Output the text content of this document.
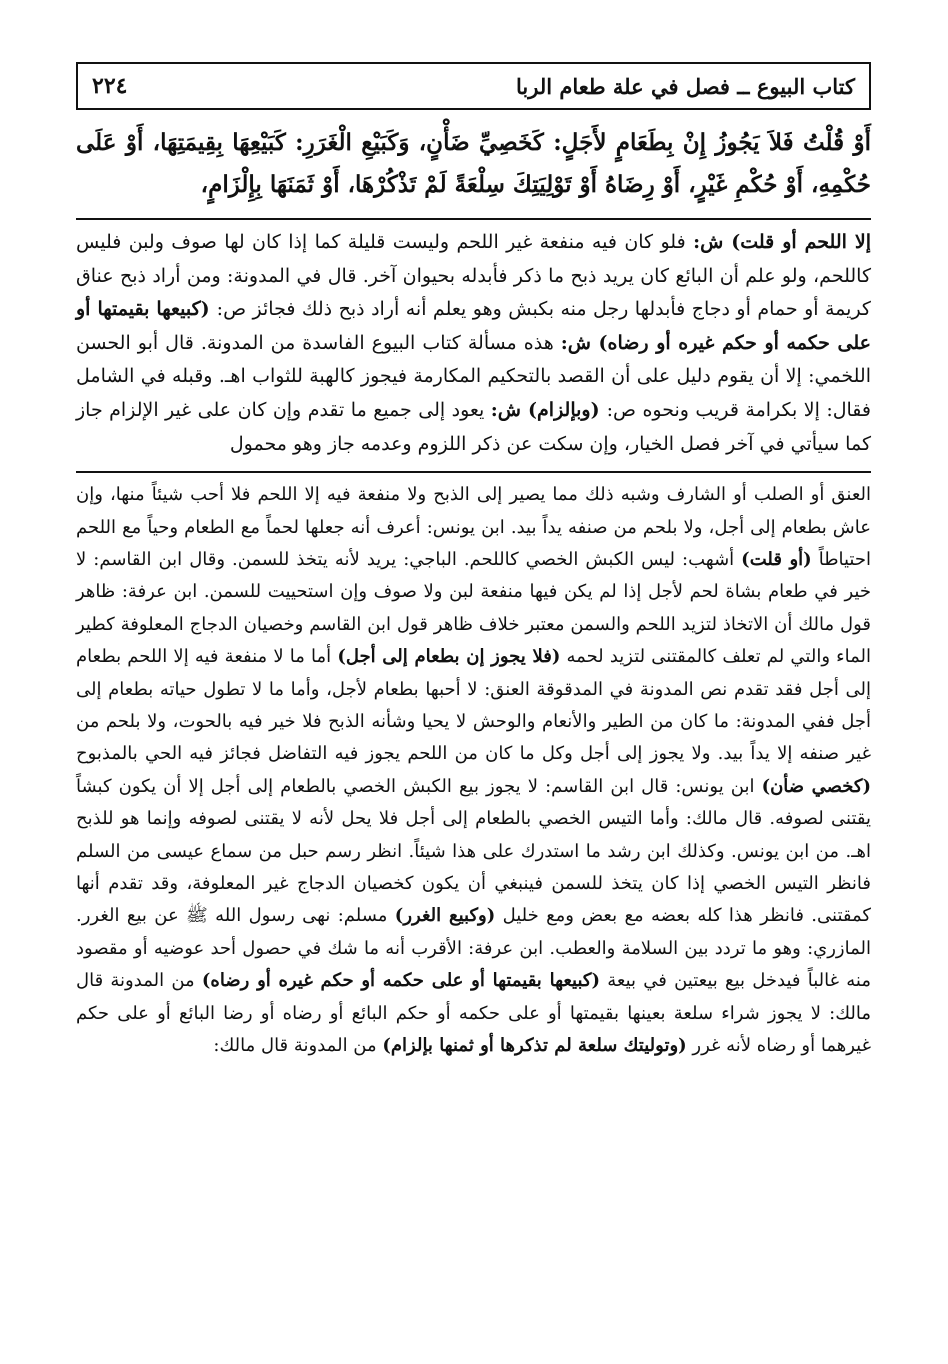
كتاب البيوع ــ فصل في علة طعام الربا
٢٢٤
أَوْ قُلْتُ فَلاَ يَجُوزُ إِنْ بِطَعَامٍ لأَجَلٍ: كَخَصِيِّ ضَأْنٍ، وَكَبَيْعِ الْغَرَرِ: كَبَيْعِهَا بِقِيمَتِهَا، أَوْ عَلَى حُكْمِهِ، أَوْ حُكْمِ غَيْرٍ، أَوْ رِضَاهُ أَوْ تَوْلِيَتِكَ سِلْعَةً لَمْ تَذْكُرْهَا، أَوْ ثَمَنَهَا بِإِلْزَامٍ،

إلا اللحم أو قلت) ش: فلو كان فيه منفعة غير اللحم وليست قليلة كما إذا كان لها صوف ولبن فليس كاللحم، ولو علم أن البائع كان يريد ذبح ما ذكر فأبدله بحيوان آخر. قال في المدونة: ومن أراد ذبح عناق كريمة أو حمام أو دجاج فأبدلها رجل منه بكبش وهو يعلم أنه أراد ذبح ذلك فجائز ص: (كبيعها بقيمتها أو على حكمه أو حكم غيره أو رضاه) ش: هذه مسألة كتاب البيوع الفاسدة من المدونة. قال أبو الحسن اللخمي: إلا أن يقوم دليل على أن القصد بالتحكيم المكارمة فيجوز كالهبة للثواب اهـ. وقبله في الشامل فقال: إلا بكرامة قريب ونحوه ص: (وبإلزام) ش: يعود إلى جميع ما تقدم وإن كان على غير الإلزام جاز كما سيأتي في آخر فصل الخيار، وإن سكت عن ذكر اللزوم وعدمه جاز وهو محمول

العنق أو الصلب أو الشارف وشبه ذلك مما يصير إلى الذبح ولا منفعة فيه إلا اللحم فلا أحب شيئاً منها، وإن عاش بطعام إلى أجل، ولا بلحم من صنفه يداً بيد. ابن يونس: أعرف أنه جعلها لحماً مع الطعام وحياً مع اللحم احتياطاً (أو قلت) أشهب: ليس الكبش الخصي كاللحم. الباجي: يريد لأنه يتخذ للسمن. وقال ابن القاسم: لا خير في طعام بشاة لحم لأجل إذا لم يكن فيها منفعة لبن ولا صوف وإن استحييت للسمن. ابن عرفة: ظاهر قول مالك أن الاتخاذ لتزيد اللحم والسمن معتبر خلاف ظاهر قول ابن القاسم وخصيان الدجاج المعلوفة كطير الماء والتي لم تعلف كالمقتنى لتزيد لحمه (فلا يجوز إن بطعام إلى أجل) أما ما لا منفعة فيه إلا اللحم بطعام إلى أجل فقد تقدم نص المدونة في المدقوقة العنق: لا أحبها بطعام لأجل، وأما ما لا تطول حياته بطعام إلى أجل ففي المدونة: ما كان من الطير والأنعام والوحش لا يحيا وشأنه الذبح فلا خير فيه بالحوت، ولا بلحم من غير صنفه إلا يداً بيد. ولا يجوز إلى أجل وكل ما كان من اللحم يجوز فيه التفاضل فجائز فيه الحي بالمذبوح (كخصي ضأن) ابن يونس: قال ابن القاسم: لا يجوز بيع الكبش الخصي بالطعام إلى أجل إلا أن يكون كبشاً يقتنى لصوفه. قال مالك: وأما التيس الخصي بالطعام إلى أجل فلا يحل لأنه لا يقتنى لصوفه وإنما هو للذبح اهـ. من ابن يونس. وكذلك ابن رشد ما استدرك على هذا شيئاً. انظر رسم حبل من سماع عيسى من السلم فانظر التيس الخصي إذا كان يتخذ للسمن فينبغي أن يكون كخصيان الدجاج غير المعلوفة، وقد تقدم أنها كمقتنى. فانظر هذا كله بعضه مع بعض ومع خليل (وكبيع الغرر) مسلم: نهى رسول الله ﷺ عن بيع الغرر. المازري: وهو ما تردد بين السلامة والعطب. ابن عرفة: الأقرب أنه ما شك في حصول أحد عوضيه أو مقصود منه غالباً فيدخل بيع بيعتين في بيعة (كبيعها بقيمتها أو على حكمه أو حكم غيره أو رضاه) من المدونة قال مالك: لا يجوز شراء سلعة بعينها بقيمتها أو على حكمه أو حكم البائع أو رضاه أو رضا البائع أو على حكم غيرهما أو رضاه لأنه غرر (وتوليتك سلعة لم تذكرها أو ثمنها بإلزام) من المدونة قال مالك:
